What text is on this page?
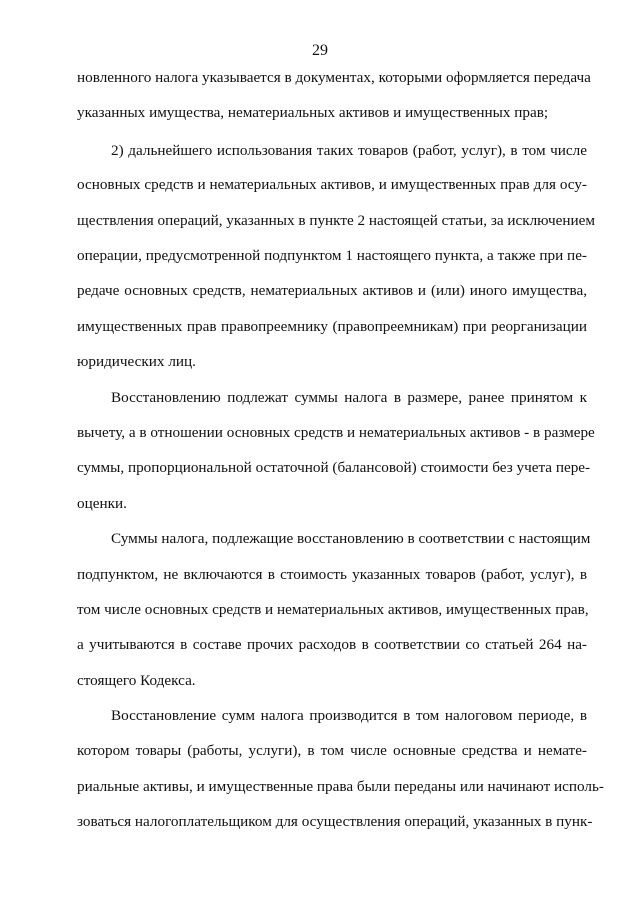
29
новленного налога указывается в документах, которыми оформляется передача
указанных имущества, нематериальных активов и имущественных прав;
2) дальнейшего использования таких товаров (работ, услуг), в том числе
основных средств и нематериальных активов, и имущественных прав для осу-
ществления операций, указанных в пункте 2 настоящей статьи, за исключением
операции, предусмотренной подпунктом 1 настоящего пункта, а также при пе-
редаче основных средств, нематериальных активов и (или) иного имущества,
имущественных прав правопреемнику (правопреемникам) при реорганизации
юридических лиц.
Восстановлению подлежат суммы налога в размере, ранее принятом к
вычету, а в отношении основных средств и нематериальных активов - в размере
суммы, пропорциональной остаточной (балансовой) стоимости без учета пере-
оценки.
Суммы налога, подлежащие восстановлению в соответствии с настоящим
подпунктом, не включаются в стоимость указанных товаров (работ, услуг), в
том числе основных средств и нематериальных активов, имущественных прав,
а учитываются в составе прочих расходов в соответствии со статьей 264 на-
стоящего Кодекса.
Восстановление сумм налога производится в том налоговом периоде, в
котором товары (работы, услуги), в том числе основные средства и немате-
риальные активы, и имущественные права были переданы или начинают исполь-
зоваться налогоплательщиком для осуществления операций, указанных в пунк-
